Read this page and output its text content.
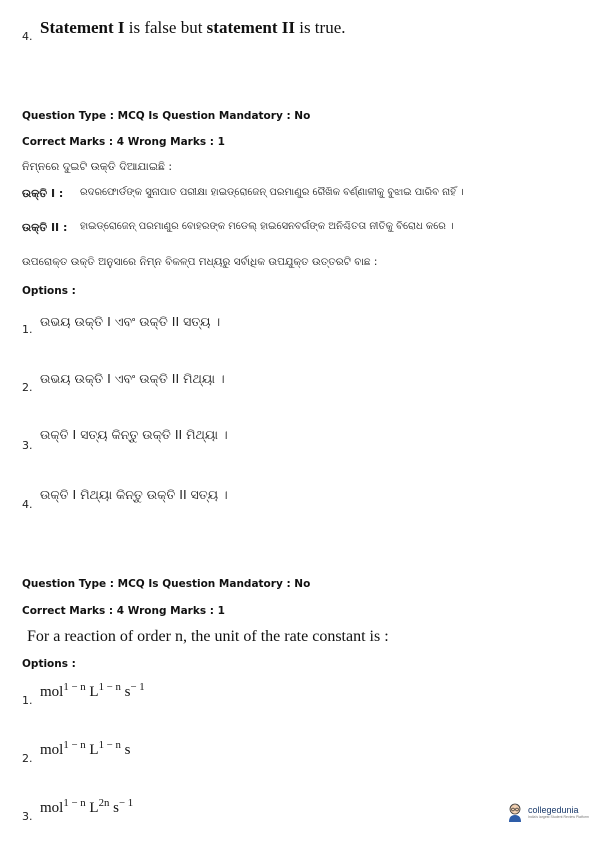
4. Statement I is false but statement II is true.
Question Type : MCQ Is Question Mandatory : No
Correct Marks : 4 Wrong Marks : 1
ନିମ୍ନରେ ଦୁଇଟି ଉକ୍ତି ଦିଆଯାଇଛି :
ଉକ୍ତି I : ରଦରଫୋର୍ଡଙ୍କ ସୁନାପାତ ପରୀକ୍ଷା ହାଇଡ୍ରୋଜେନ୍ ପରମାଣୁର ରୈଖିକ ବର୍ଣ୍ଣାଳୀକୁ ବୁଝାଇ ପାରିବ ନାହିଁ ।
ଉକ୍ତି II : ହାଇଡ୍ରୋଜେନ୍ ପରମାଣୁର ବୋହରଙ୍କ ମଡେଲ୍ ହାଇସେନବର୍ଗଙ୍କ ଅନିଶ୍ଚିତତା ନୀତିକୁ ବିରୋଧ କରେ ।
ଉପରୋକ୍ତ ଉକ୍ତି ଅନୁସାରେ ନିମ୍ନ ବିକଳ୍ପ ମଧ୍ୟରୁ ସର୍ବାଧିକ ଉପଯୁକ୍ତ ଉତ୍ତରଟି ବାଛ :
Options :
1.
ଉଭୟ ଉକ୍ତି I ଏବଂ ଉକ୍ତି II ସତ୍ୟ ।
2.
ଉଭୟ ଉକ୍ତି I ଏବଂ ଉକ୍ତି II ମିଥ୍ୟା ।
3.
ଉକ୍ତି I ସତ୍ୟ କିନ୍ତୁ ଉକ୍ତି II ମିଥ୍ୟା ।
4.
ଉକ୍ତି I ମିଥ୍ୟା କିନ୍ତୁ ଉକ୍ତି II ସତ୍ୟ ।
Question Type : MCQ Is Question Mandatory : No
Correct Marks : 4 Wrong Marks : 1
For a reaction of order n, the unit of the rate constant is :
Options :
1.
mol$^{1 - n}$ $L^{1 - n}$ $s^{- 1}$
2.
mol$^{1 - n}$ $L^{1 - n}$ s
3.
mol$^{1 - n}$ $L^{2n}$ $s^{- 1}$
collegedunia
India's largest Student Review Platform
